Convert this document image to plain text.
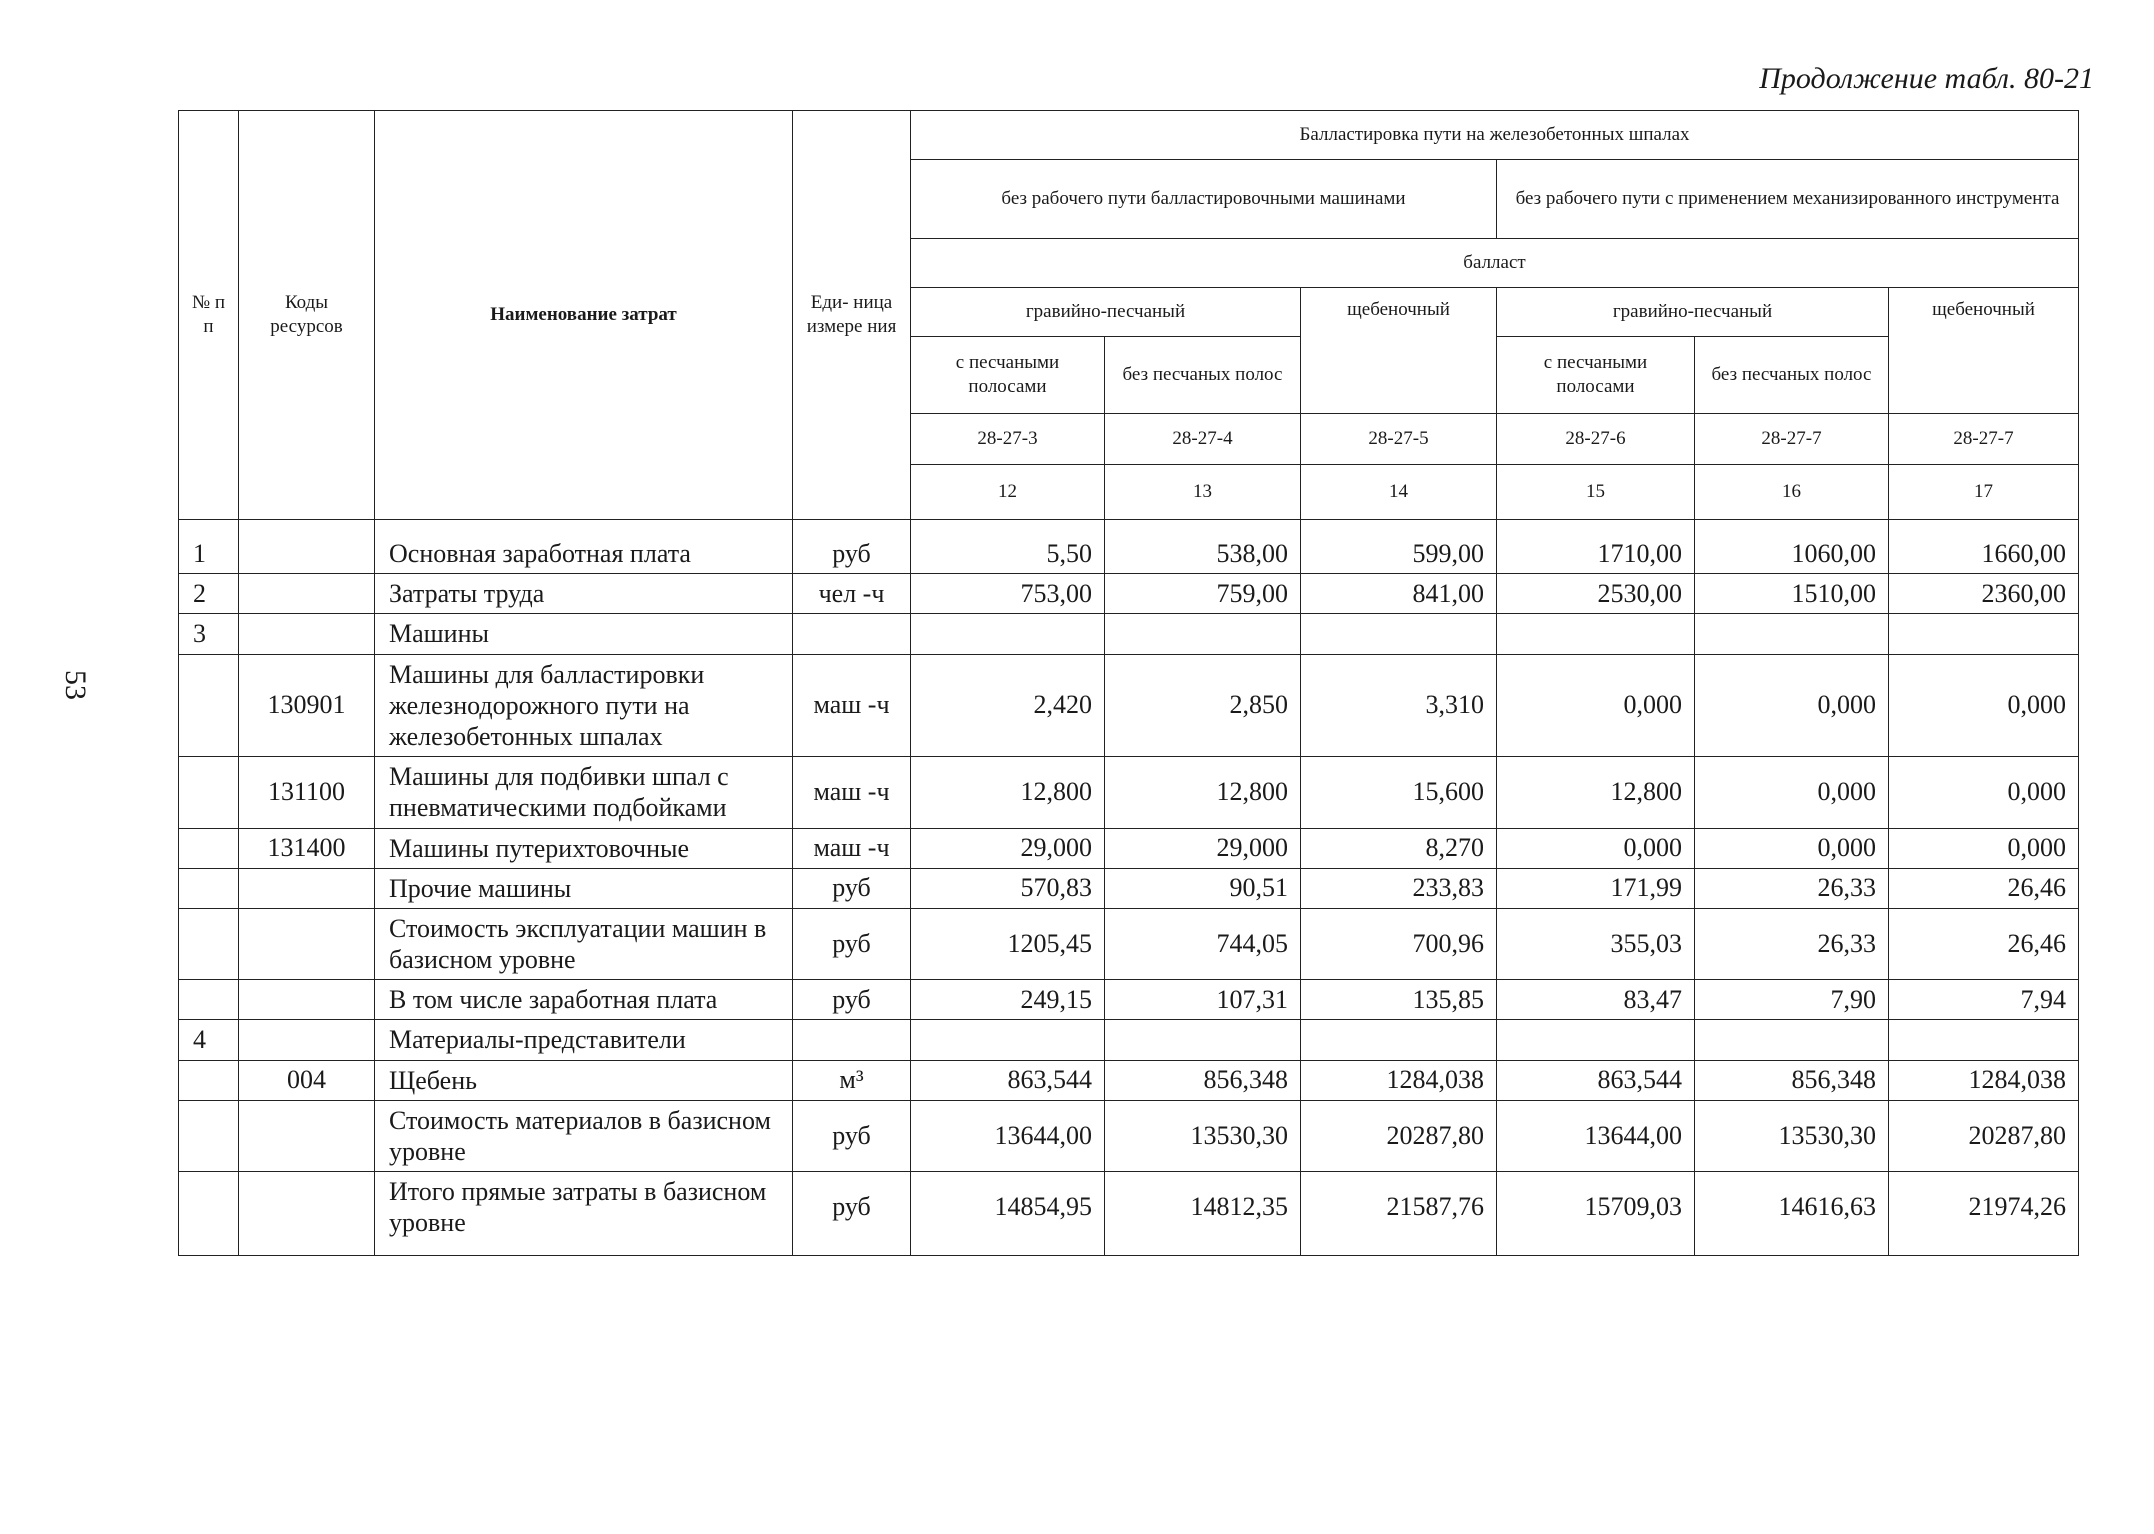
Продолжение табл. 80-21
53
№ п п	Коды ресурсов	Наименование затрат	Еди- ница измере ния	Балластировка пути на железобетонных шпалах					
				без рабочего пути балластировочными машинами			без рабочего пути с применением механизированного инструмента		
				балласт					
				гравийно-песчаный		щебеночный	гравийно-песчаный		щебеночный
				с песчаными полосами	без песчаных полос		с песчаными полосами	без песчаных полос	
				28-27-3	28-27-4	28-27-5	28-27-6	28-27-7	28-27-7
				12	13	14	15	16	17
1		Основная заработная плата	руб	5,50	538,00	599,00	1710,00	1060,00	1660,00
2		Затраты труда	чел -ч	753,00	759,00	841,00	2530,00	1510,00	2360,00
3		Машины							
	130901	Машины для балластировки железнодорожного пути на железобетонных шпалах	маш -ч	2,420	2,850	3,310	0,000	0,000	0,000
	131100	Машины для подбивки шпал с пневматическими подбойками	маш -ч	12,800	12,800	15,600	12,800	0,000	0,000
	131400	Машины путерихтовочные	маш -ч	29,000	29,000	8,270	0,000	0,000	0,000
		Прочие машины	руб	570,83	90,51	233,83	171,99	26,33	26,46
		Стоимость эксплуатации машин в базисном уровне	руб	1205,45	744,05	700,96	355,03	26,33	26,46
		В том числе заработная плата	руб	249,15	107,31	135,85	83,47	7,90	7,94
4		Материалы-представители							
	004	Щебень	м³	863,544	856,348	1284,038	863,544	856,348	1284,038
		Стоимость материалов в базисном уровне	руб	13644,00	13530,30	20287,80	13644,00	13530,30	20287,80
		Итого прямые затраты в базисном уровне	руб	14854,95	14812,35	21587,76	15709,03	14616,63	21974,26
